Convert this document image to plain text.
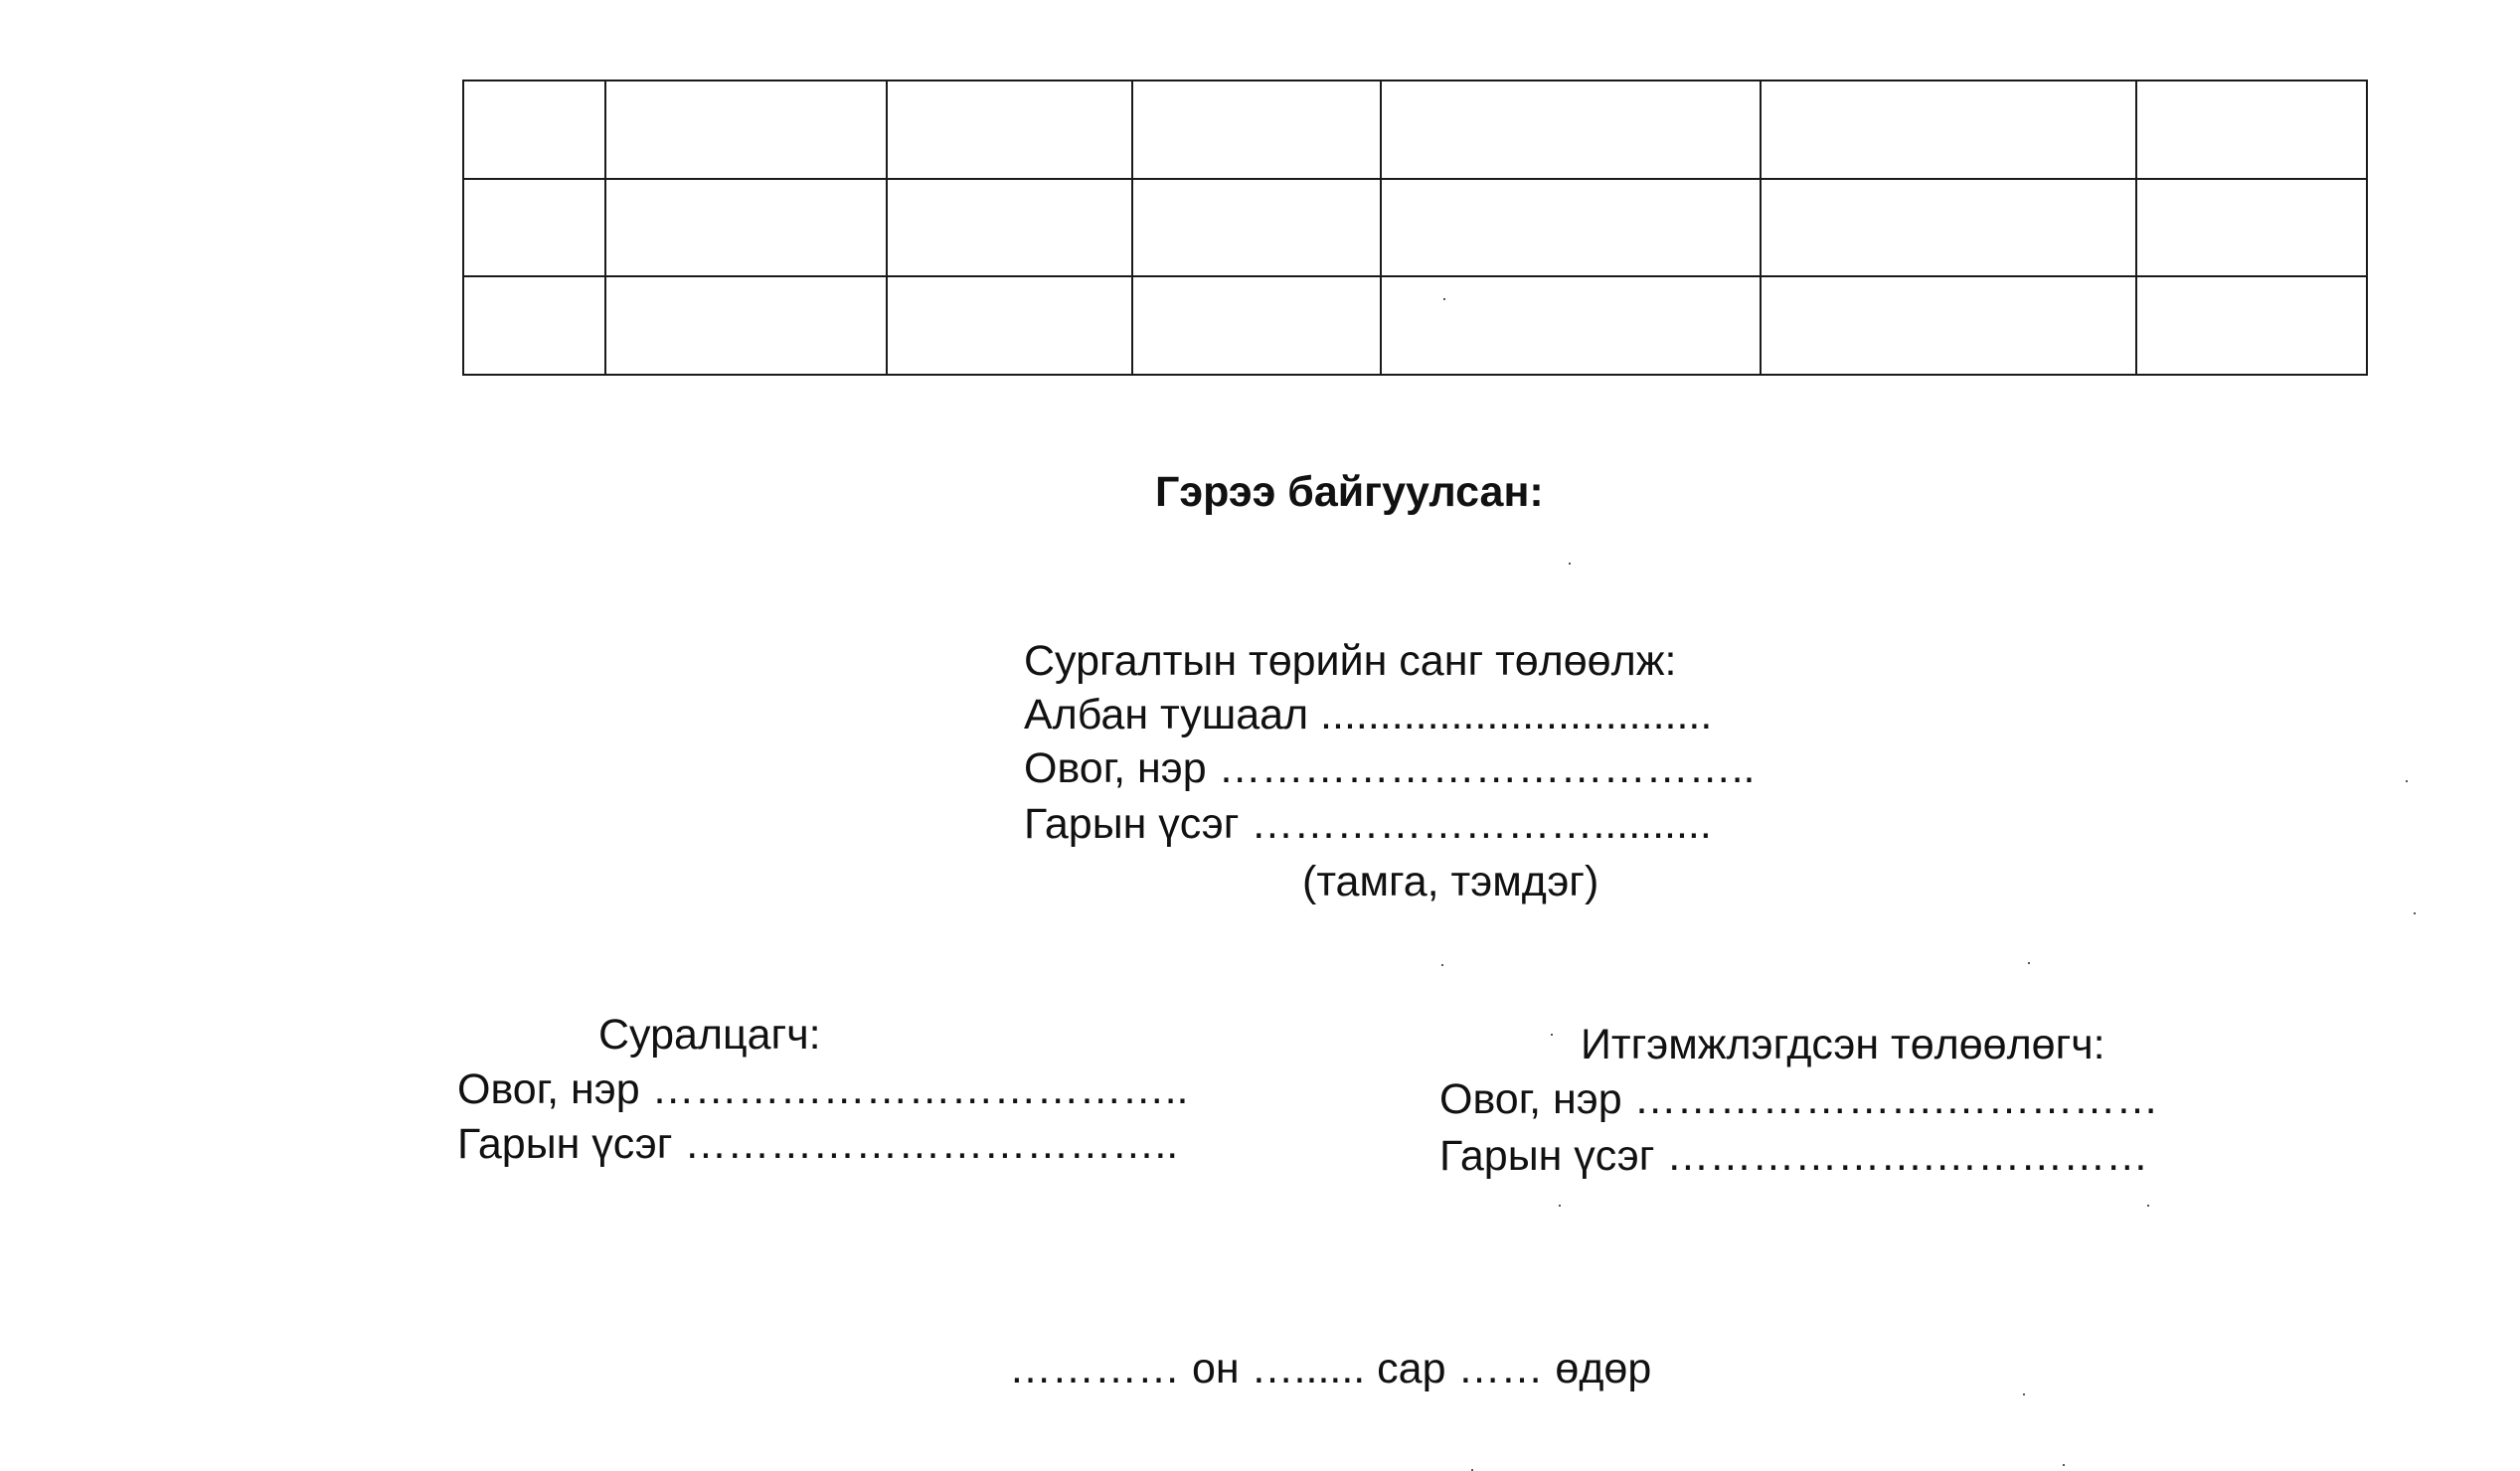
Гэрээ байгуулсан:
Сургалтын төрийн санг төлөөлж:
Албан тушаал .................................
Овог, нэр ………………………………..
Гарын үсэг ……………………..........
(тамга, тэмдэг)
Суралцагч:
Овог, нэр ………………………………..
Гарын үсэг ……………………………..
Итгэмжлэгдсэн төлөөлөгч:
Овог, нэр ………………….……………
Гарын үсэг ……………….……………
………… он …...... сар …… өдөр
